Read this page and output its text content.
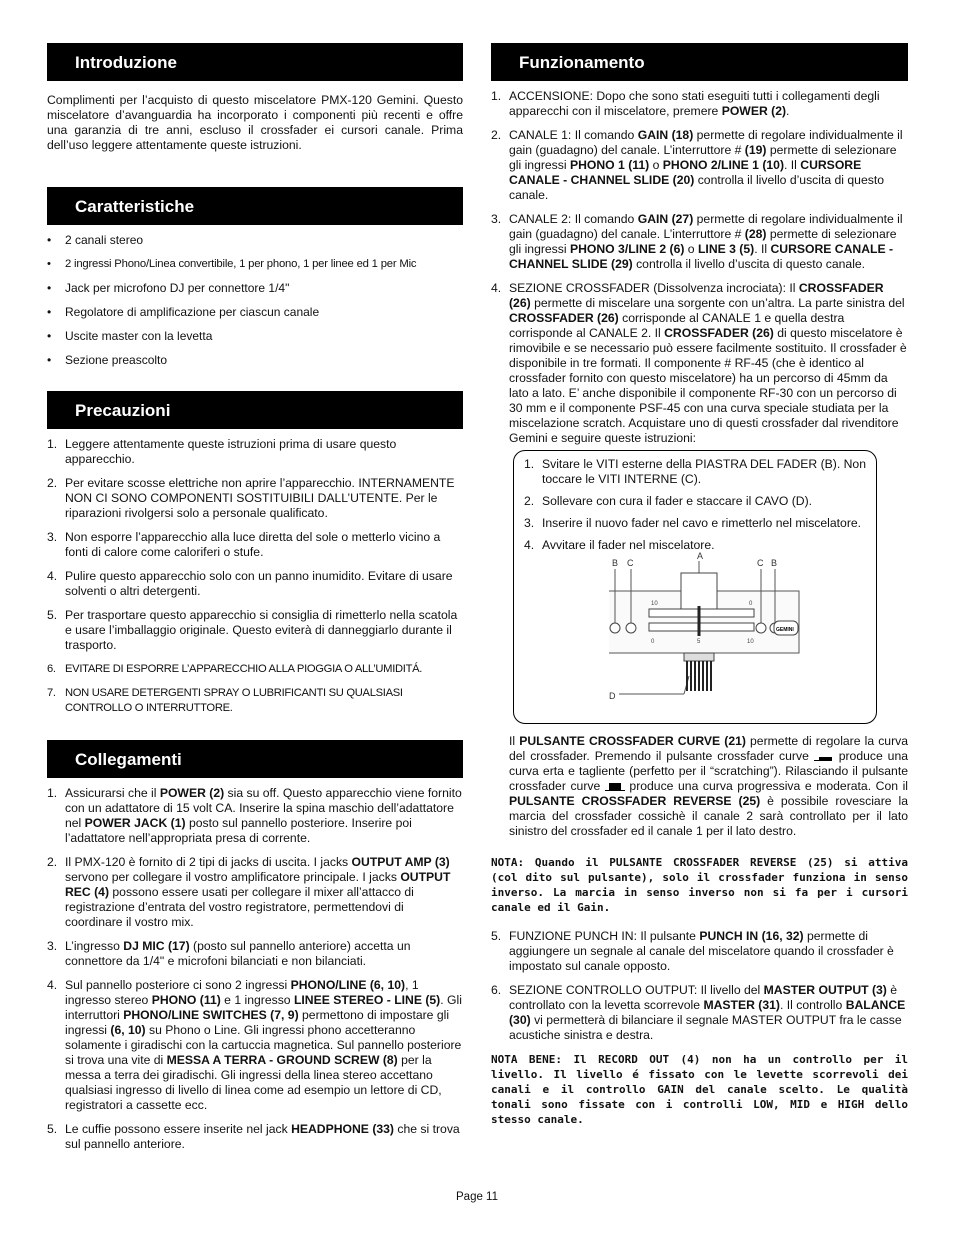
Introduzione

Complimenti per l’acquisto di questo miscelatore PMX-120 Gemini. Questo miscelatore d’avanguardia ha incorporato i componenti più recenti e offre una garanzia di tre anni, escluso il crossfader ei cursori canale. Prima dell’uso leggere attentamente queste istruzioni.

Caratteristiche
• 2 canali stereo
• 2 ingressi Phono/Linea convertibile, 1 per phono, 1 per linee ed 1 per Mic
• Jack per microfono DJ per connettore 1/4"
• Regolatore di amplificazione per ciascun canale
• Uscite master con la levetta
• Sezione preascolto
Precauzioni
1. Leggere attentamente queste istruzioni prima di usare questo apparecchio.
2. Per evitare scosse elettriche non aprire l’apparecchio. INTERNAMENTE NON CI SONO COMPONENTI SOSTITUIBILI DALL’UTENTE. Per le riparazioni rivolgersi solo a personale qualificato.
3. Non esporre l’apparecchio alla luce diretta del sole o metterlo vicino a fonti di calore come caloriferi o stufe.
4. Pulire questo apparecchio solo con un panno inumidito. Evitare di usare solventi o altri detergenti.
5. Per trasportare questo apparecchio si consiglia di rimetterlo nella scatola e usare l’imballaggio originale. Questo eviterà di danneggiarlo durante il trasporto.
6. EVITARE DI ESPORRE L’APPARECCHIO ALLA PIOGGIA O ALL’UMIDITÁ.
7. NON USARE DETERGENTI SPRAY O LUBRIFICANTI SU QUALSIASI CONTROLLO O INTERRUTTORE.
Collegamenti
1. Assicurarsi che il POWER (2) sia su off. Questo apparecchio viene fornito con un adattatore di 15 volt CA. Inserire la spina maschio dell’adattatore nel POWER JACK (1) posto sul pannello posteriore. Inserire poi l’adattatore nell’appropriata presa di corrente.
2. Il PMX-120 è fornito di 2 tipi di jacks di uscita. I jacks OUTPUT AMP (3) servono per collegare il vostro amplificatore principale. I jacks OUTPUT REC (4) possono essere usati per collegare il mixer all’attacco di registrazione d’entrata del vostro registratore, permettendovi di coordinare il vostro mix.
3. L’ingresso DJ MIC (17) (posto sul pannello anteriore) accetta un connettore da 1/4" e microfoni bilanciati e non bilanciati.
4. Sul pannello posteriore ci sono 2 ingressi PHONO/LINE (6, 10), 1 ingresso stereo PHONO (11) e 1 ingresso LINEE STEREO - LINE (5). Gli interruttori PHONO/LINE SWITCHES (7, 9) permettono di impostare gli ingressi (6, 10) su Phono o Line. Gli ingressi phono accetteranno solamente i giradischi con la cartuccia magnetica. Sul pannello posteriore si trova una vite di MESSA A TERRA - GROUND SCREW (8) per la messa a terra dei giradischi. Gli ingressi della linea stereo accettano qualsiasi ingresso di livello di linea come ad esempio un lettore di CD, registratori a cassette ecc.
5. Le cuffie possono essere inserite nel jack HEADPHONE (33) che si trova sul pannello anteriore.
Funzionamento
1. ACCENSIONE: Dopo che sono stati eseguiti tutti i collegamenti degli apparecchi con il miscelatore, premere POWER (2).
2. CANALE 1: Il comando GAIN (18) permette di regolare individualmente il gain (guadagno) del canale. L’interruttore # (19) permette di selezionare gli ingressi PHONO 1 (11) o PHONO 2/LINE 1 (10). Il CURSORE CANALE - CHANNEL SLIDE (20) controlla il livello d’uscita di questo canale.
3. CANALE 2: Il comando GAIN (27) permette di regolare individualmente il gain (guadagno) del canale. L’interruttore # (28) permette di selezionare gli ingressi PHONO 3/LINE 2 (6) o LINE 3 (5). Il CURSORE CANALE - CHANNEL SLIDE (29) controlla il livello d’uscita di questo canale.
4. SEZIONE CROSSFADER (Dissolvenza incrociata): Il CROSSFADER (26) permette di miscelare una sorgente con un’altra. La parte sinistra del CROSSFADER (26) corrisponde al CANALE 1 e quella destra corrisponde al CANALE 2. Il CROSSFADER (26) di questo miscelatore è rimovibile e se necessario può essere facilmente sostituito. Il crossfader è disponibile in tre formati. Il componente # RF-45 (che è identico al crossfader fornito con questo miscelatore) ha un percorso di 45mm da lato a lato. E’ anche disponibile il componente RF-30 con un percorso di 30 mm e il componente PSF-45 con una curva speciale studiata per la miscelazione scratch. Acquistare uno di questi crossfader dal rivenditore Gemini e seguire queste istruzioni:
1. Svitare le VITI esterne della PIASTRA DEL FADER (B). Non toccare le VITI INTERNE (C).
2. Sollevare con cura il fader e staccare il CAVO (D).
3. Inserire il nuovo fader nel cavo e rimetterlo nel miscelatore.
4. Avvitare il fader nel miscelatore.
B C
A
C B
D
10	0
0	5	10
GEMINI

Il PULSANTE CROSSFADER CURVE (21) permette di regolare la curva del crossfader. Premendo il pulsante crossfader curve  produce una curva erta e tagliente (perfetto per il “scratching”). Rilasciando il pulsante crossfader curve  produce una curva progressiva e moderata. Con il PULSANTE CROSSFADER REVERSE (25) è possibile rovesciare la marcia del crossfader cossichè il canale 2 sarà controllato per il lato sinistro del crossfader ed il canale 1 per il lato destro.

NOTA: Quando il PULSANTE CROSSFADER REVERSE (25) si attiva (col dito sul pulsante), solo il crossfader funziona in senso inverso. La marcia in senso inverso non si fa per i cursori canale ed il Gain.
5. FUNZIONE PUNCH IN: Il pulsante PUNCH IN (16, 32) permette di aggiungere un segnale al canale del miscelatore quando il crossfader è impostato sul canale opposto.
6. SEZIONE CONTROLLO OUTPUT: Il livello del MASTER OUTPUT (3) è controllato con la levetta scorrevole MASTER (31). Il controllo BALANCE (30) vi permetterà di bilanciare il segnale MASTER OUTPUT fra le casse acustiche sinistra e destra.
NOTA BENE: Il RECORD OUT (4) non ha un controllo per il livello. Il livello é fissato con le levette scorrevoli dei canali e il controllo GAIN del canale scelto. Le qualità tonali sono fissate con i controlli LOW, MID e HIGH dello stesso canale.
Page 11
